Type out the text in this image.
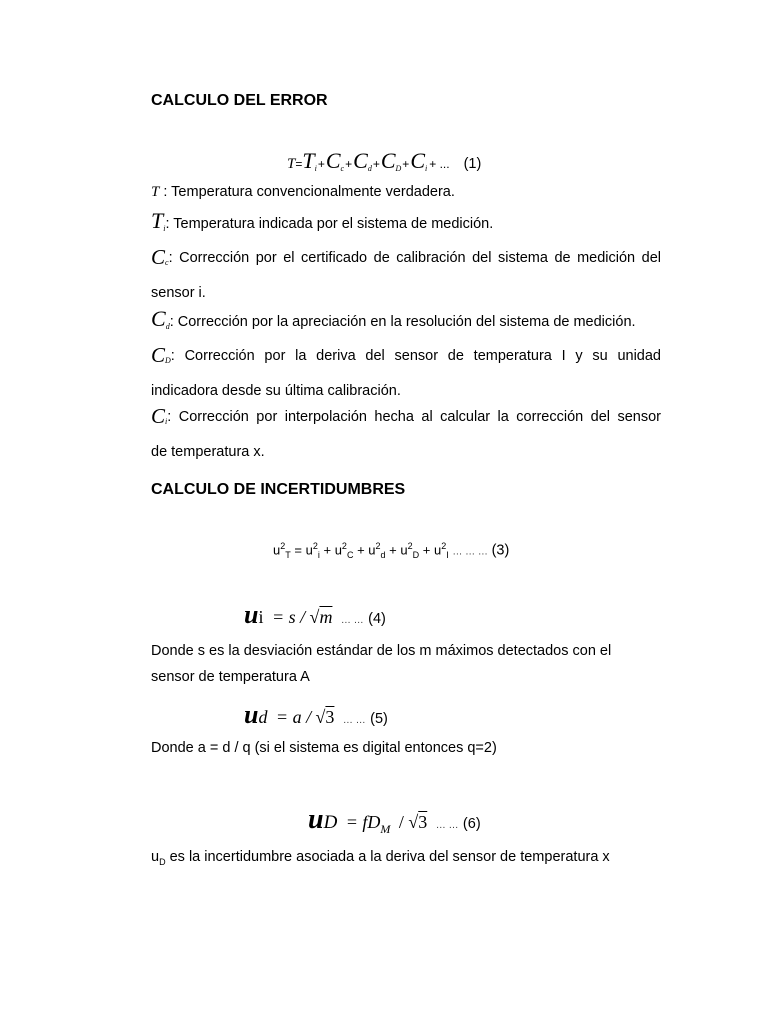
CALCULO DEL ERROR
$T=T_i+C_c+C_d+C_D+C_i$ + ... (1)
T : Temperatura convencionalmente verdadera.
$T_i$: Temperatura indicada por el sistema de medición.
$C_c$: Corrección por el certificado de calibración del sistema de medición del
sensor i.
$C_d$: Corrección por la apreciación en la resolución del sistema de medición.
$C_D$: Corrección por la deriva del sensor de temperatura I y su unidad
indicadora desde su última calibración.
$C_i$: Corrección por interpolación hecha al calcular la corrección del sensor
de temperatura x.
CALCULO DE INCERTIDUMBRES
$u^2_T = u^2_i + u^2_C + u^2_d + u^2_D + u^2_I$ … … … (3)
ui = s / √m … … (4)
Donde s es la desviación estándar de los m máximos detectados con el
sensor de temperatura A
ud = a / √3 … … (5)
Donde a = d / q (si el sistema es digital entonces q=2)
uD = $fD_M / √3$ … … (6)
$u_D$ es la incertidumbre asociada a la deriva del sensor de temperatura x
